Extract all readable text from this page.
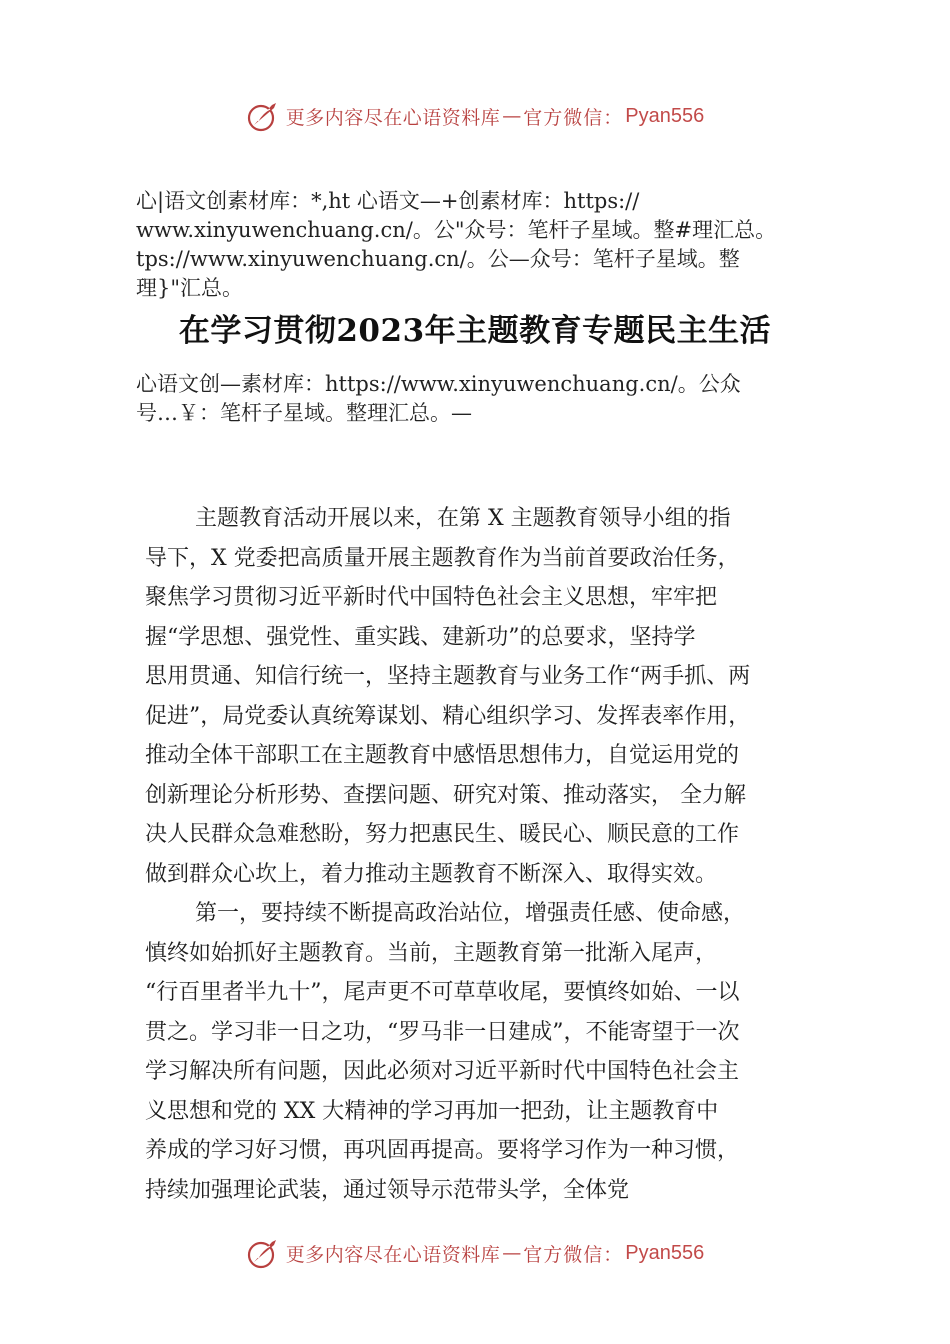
更多内容尽在心语资料库 — 官方微信： Pyan556
心|语文创素材库：*,ht 心语文—+创素材库：https://
www.xinyuwenchuang.cn/。公"众号：笔杆子星域。整#理汇总。
tps://www.xinyuwenchuang.cn/。公—众号：笔杆子星域。整
理}"汇总。
在学习贯彻2023年主题教育专题民主生活
心语文创—素材库：https://www.xinyuwenchuang.cn/。公众
号…￥：笔杆子星域。整理汇总。—
主题教育活动开展以来，在第 X 主题教育领导小组的指
导下，X 党委把高质量开展主题教育作为当前首要政治任务，
聚焦学习贯彻习近平新时代中国特色社会主义思想，牢牢把
握“学思想、强党性、重实践、建新功”的总要求，坚持学
思用贯通、知信行统一，坚持主题教育与业务工作“两手抓、两
促进”，局党委认真统筹谋划、精心组织学习、发挥表率作用，
推动全体干部职工在主题教育中感悟思想伟力，自觉运用党的
创新理论分析形势、查摆问题、研究对策、推动落实， 全力解
决人民群众急难愁盼，努力把惠民生、暖民心、顺民意的工作
做到群众心坎上，着力推动主题教育不断深入、取得实效。
第一，要持续不断提高政治站位，增强责任感、使命感，
慎终如始抓好主题教育。当前，主题教育第一批渐入尾声，
“行百里者半九十”，尾声更不可草草收尾，要慎终如始、一以
贯之。学习非一日之功，“罗马非一日建成”，不能寄望于一次
学习解决所有问题，因此必须对习近平新时代中国特色社会主
义思想和党的 XX 大精神的学习再加一把劲，让主题教育中
养成的学习好习惯，再巩固再提高。要将学习作为一种习惯，
持续加强理论武装，通过领导示范带头学，全体党
更多内容尽在心语资料库 — 官方微信： Pyan556
